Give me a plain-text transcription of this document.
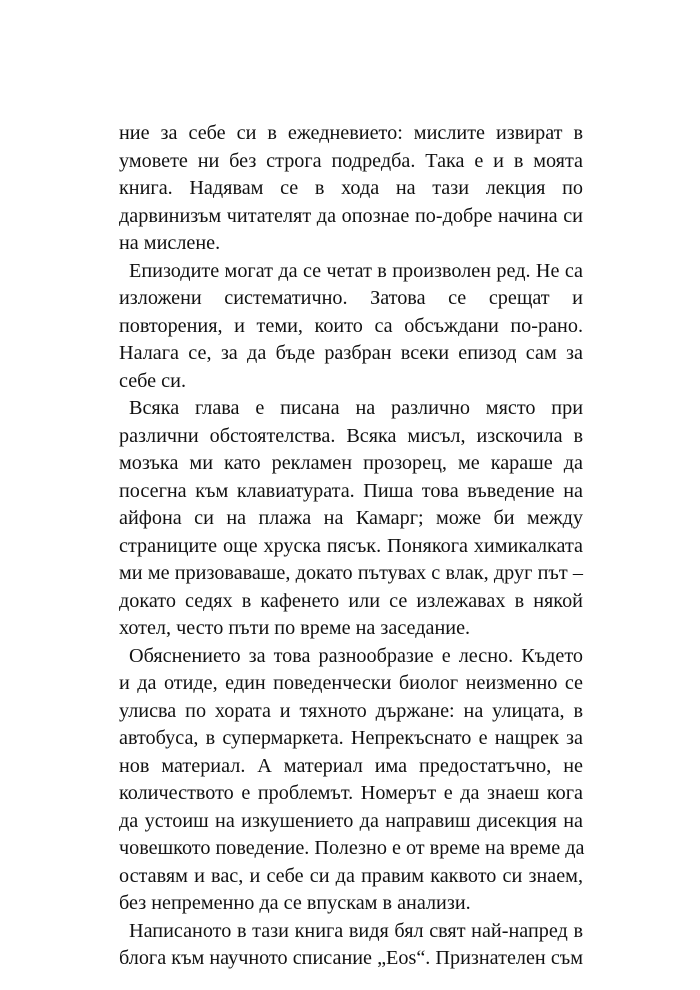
ние за себе си в ежедневието: мислите извират в
умовете ни без строга подредба. Така е и в моята
книга. Надявам се в хода на тази лекция по
дарвинизъм читателят да опознае по-добре начина си
на мислене.

Епизодите могат да се четат в произволен ред. Не са
изложени систематично. Затова се срещат и
повторения, и теми, които са обсъждани по-рано.
Налага се, за да бъде разбран всеки епизод сам за
себе си.

Всяка глава е писана на различно място при
различни обстоятелства. Всяка мисъл, изскочила в
мозъка ми като рекламен прозорец, ме караше да
посегна към клавиатурата. Пиша това въведение на
айфона си на плажа на Камарг; може би между
страниците още хруска пясък. Понякога химикалката
ми ме призоваваше, докато пътувах с влак, друг път –
докато седях в кафенето или се излежавах в някой
хотел, често пъти по време на заседание.

Обяснението за това разнообразие е лесно. Където
и да отиде, един поведенчески биолог неизменно се
улисва по хората и тяхното държане: на улицата, в
автобуса, в супермаркета. Непрекъснато е нащрек за
нов материал. А материал има предостатъчно, не
количеството е проблемът. Номерът е да знаеш кога
да устоиш на изкушението да направиш дисекция на
човешкото поведение. Полезно е от време на време да
оставям и вас, и себе си да правим каквото си знаем,
без непременно да се впускам в анализи.

Написаното в тази книга видя бял свят най-напред в
блога към научното списание „Eos“. Признателен съм
